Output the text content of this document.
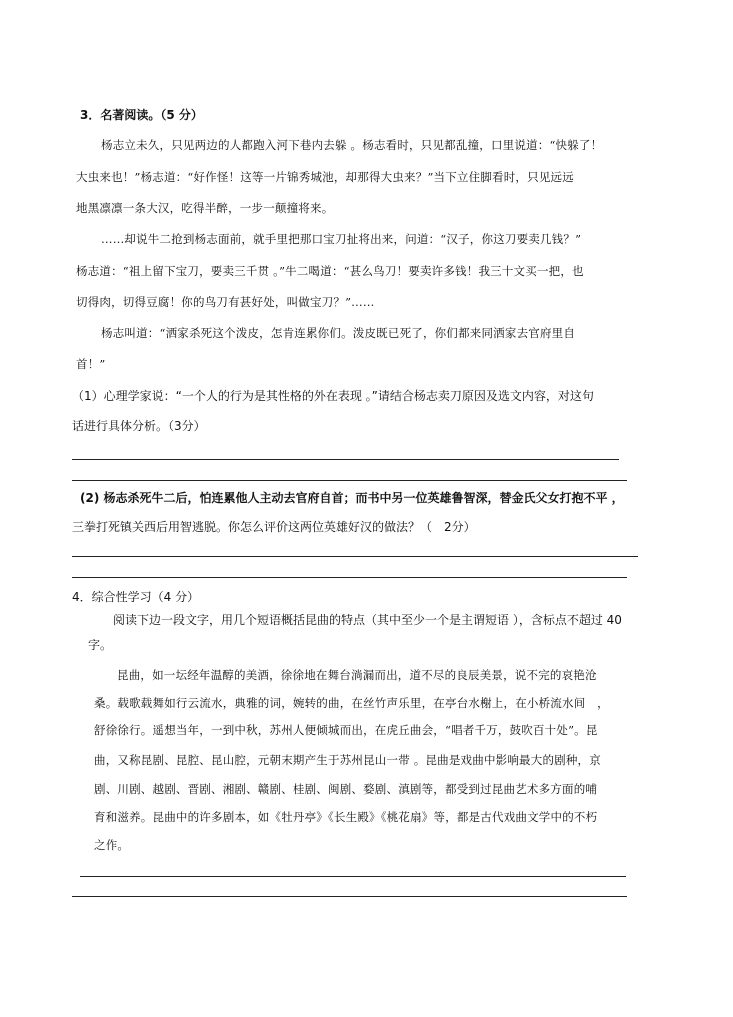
3．名著阅读。（5 分）
杨志立未久，只见两边的人都跑入河下巷内去躲 。杨志看时，只见都乱撞，口里说道：“快躲了！
大虫来也！”杨志道：“好作怪！这等一片锦秀城池，却那得大虫来？”当下立住脚看时，只见远远
地黑凛凛一条大汉，吃得半醉，一步一颠撞将来。
……却说牛二抢到杨志面前，就手里把那口宝刀扯将出来，问道：“汉子，你这刀要卖几钱？”
杨志道：“祖上留下宝刀，要卖三千贯 。”牛二喝道：“甚么鸟刀！要卖许多钱！我三十文买一把，也
切得肉，切得豆腐！你的鸟刀有甚好处，叫做宝刀？”……
杨志叫道：“洒家杀死这个泼皮，怎肯连累你们。泼皮既已死了，你们都来同洒家去官府里自
首！”
（1）心理学家说：“一个人的行为是其性格的外在表现 。”请结合杨志卖刀原因及选文内容，对这句
话进行具体分析。（3分）
(2) 杨志杀死牛二后，怕连累他人主动去官府自首；而书中另一位英雄鲁智深，替金氏父女打抱不平 ，
三拳打死镇关西后用智逃脱。你怎么评价这两位英雄好汉的做法？（　2分）
4．综合性学习（4 分）
阅读下边一段文字，用几个短语概括昆曲的特点（其中至少一个是主谓短语 ），含标点不超过 40
字。
昆曲，如一坛经年温醇的美酒，徐徐地在舞台淌漏而出，道不尽的良辰美景，说不完的哀艳沧
桑。载歌载舞如行云流水，典雅的词，婉转的曲，在丝竹声乐里，在亭台水榭上，在小桥流水间　，
舒徐徐行。遥想当年，一到中秋，苏州人便倾城而出，在虎丘曲会，“唱者千万，鼓吹百十处”。昆
曲，又称昆剧、昆腔、昆山腔，元朝末期产生于苏州昆山一带 。昆曲是戏曲中影响最大的剧种，京
剧、川剧、越剧、晋剧、湘剧、赣剧、桂剧、闽剧、婺剧、滇剧等，都受到过昆曲艺术多方面的哺
育和滋养。昆曲中的许多剧本，如《牡丹亭》《长生殿》《桃花扇》等，都是古代戏曲文学中的不朽
之作。
